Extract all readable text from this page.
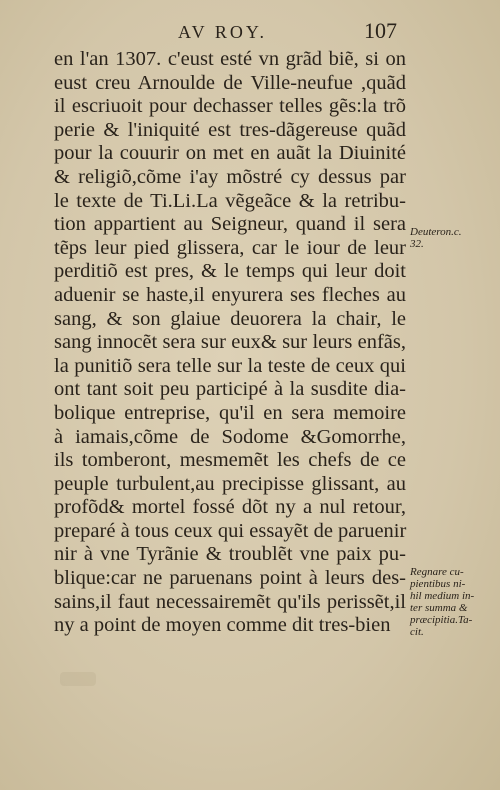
AV ROY.	107
en l'an 1307. c'eust esté vn grãd biẽ, si on
eust creu Arnoulde de Ville-neufue ,quãd
il escriuoit pour dechasser telles gẽs:la trõ
perie & l'iniquité est tres-dãgereuse quãd
pour la couurir on met en auãt la Diuinité
& religiõ,cõme i'ay mõstré cy dessus par
le texte de Ti.Li.La vẽgeãce & la retribu-
tion appartient au Seigneur, quand il sera
tẽps leur pied glissera, car le iour de leur
perditiõ est pres, & le temps qui leur doit
aduenir se haste,il enyurera ses fleches au
sang, & son glaiue deuorera la chair, le
sang innocẽt sera sur eux& sur leurs enfãs,
la punitiõ sera telle sur la teste de ceux qui
ont tant soit peu participé à la susdite dia-
bolique entreprise, qu'il en sera memoire
à iamais,cõme de Sodome &Gomorrhe,
ils tomberont, mesmemẽt les chefs de ce
peuple turbulent,au precipisse glissant, au
profõd& mortel fossé dõt ny a nul retour,
preparé à tous ceux qui essayẽt de paruenir
nir à vne Tyrãnie & troublẽt vne paix pu-
blique:car ne paruenans point à leurs des-
sains,il faut necessairemẽt qu'ils perissẽt,il
ny a point de moyen comme dit tres-bien
Deuteron.c.
32.
Regnare cu-
pientibus ni-
hil medium in-
ter summa &
præcipitia.Ta-
cit.
